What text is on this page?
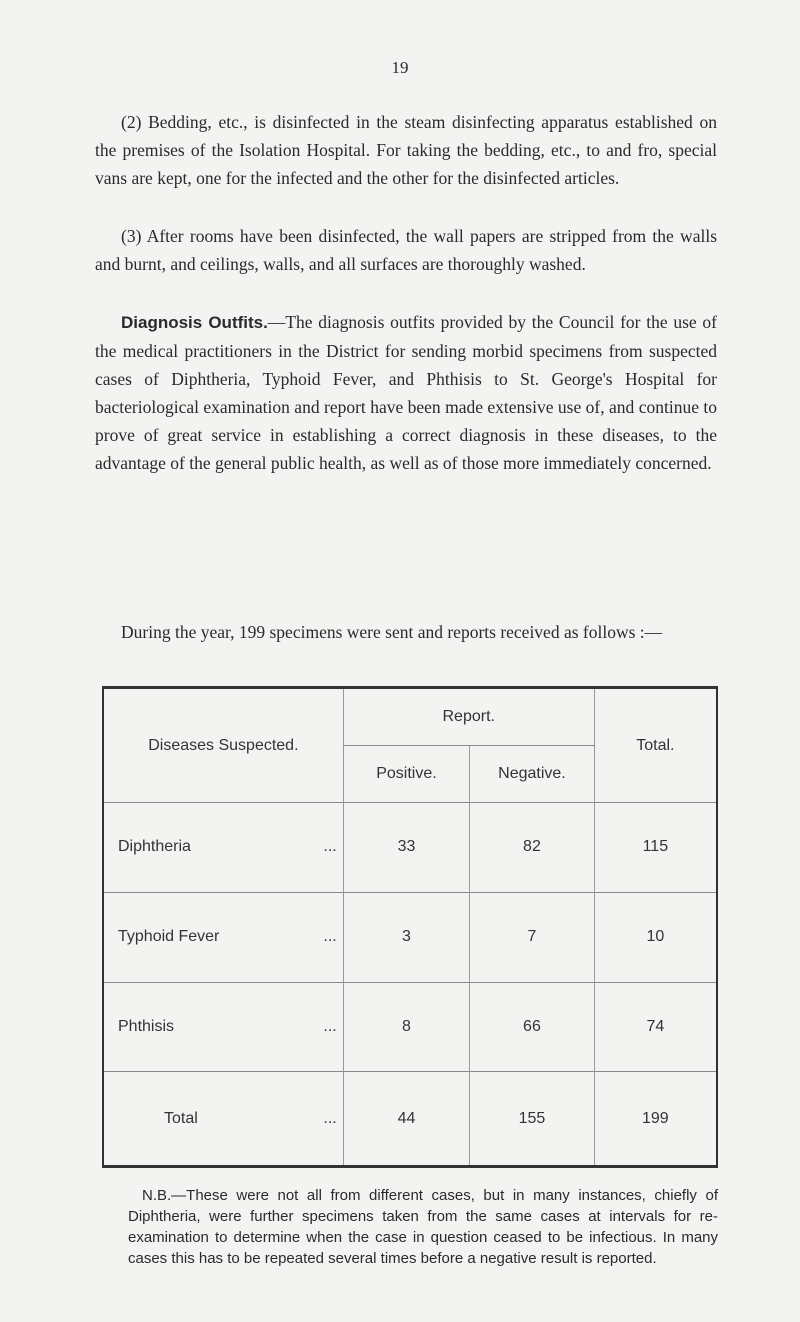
19

(2) Bedding, etc., is disinfected in the steam disinfecting apparatus established on the premises of the Isolation Hospital. For taking the bedding, etc., to and fro, special vans are kept, one for the infected and the other for the disinfected articles.

(3) After rooms have been disinfected, the wall papers are stripped from the walls and burnt, and ceilings, walls, and all surfaces are thoroughly washed.

Diagnosis Outfits.—The diagnosis outfits provided by the Council for the use of the medical practitioners in the District for sending morbid specimens from suspected cases of Diphtheria, Typhoid Fever, and Phthisis to St. George's Hospital for bacteriological examination and report have been made extensive use of, and continue to prove of great service in establishing a correct diagnosis in these diseases, to the advantage of the general public health, as well as of those more immediately concerned.

During the year, 199 specimens were sent and reports received as follows :—

Diseases Suspected.	Report.		Total.
	Positive.	Negative.	
Diphtheria ...	33	82	115
Typhoid Fever ...	3	7	10
Phthisis ...	8	66	74
Total ...	44	155	199

N.B.—These were not all from different cases, but in many instances, chiefly of Diphtheria, were further specimens taken from the same cases at intervals for re-examination to determine when the case in question ceased to be infectious. In many cases this has to be repeated several times before a negative result is reported.
